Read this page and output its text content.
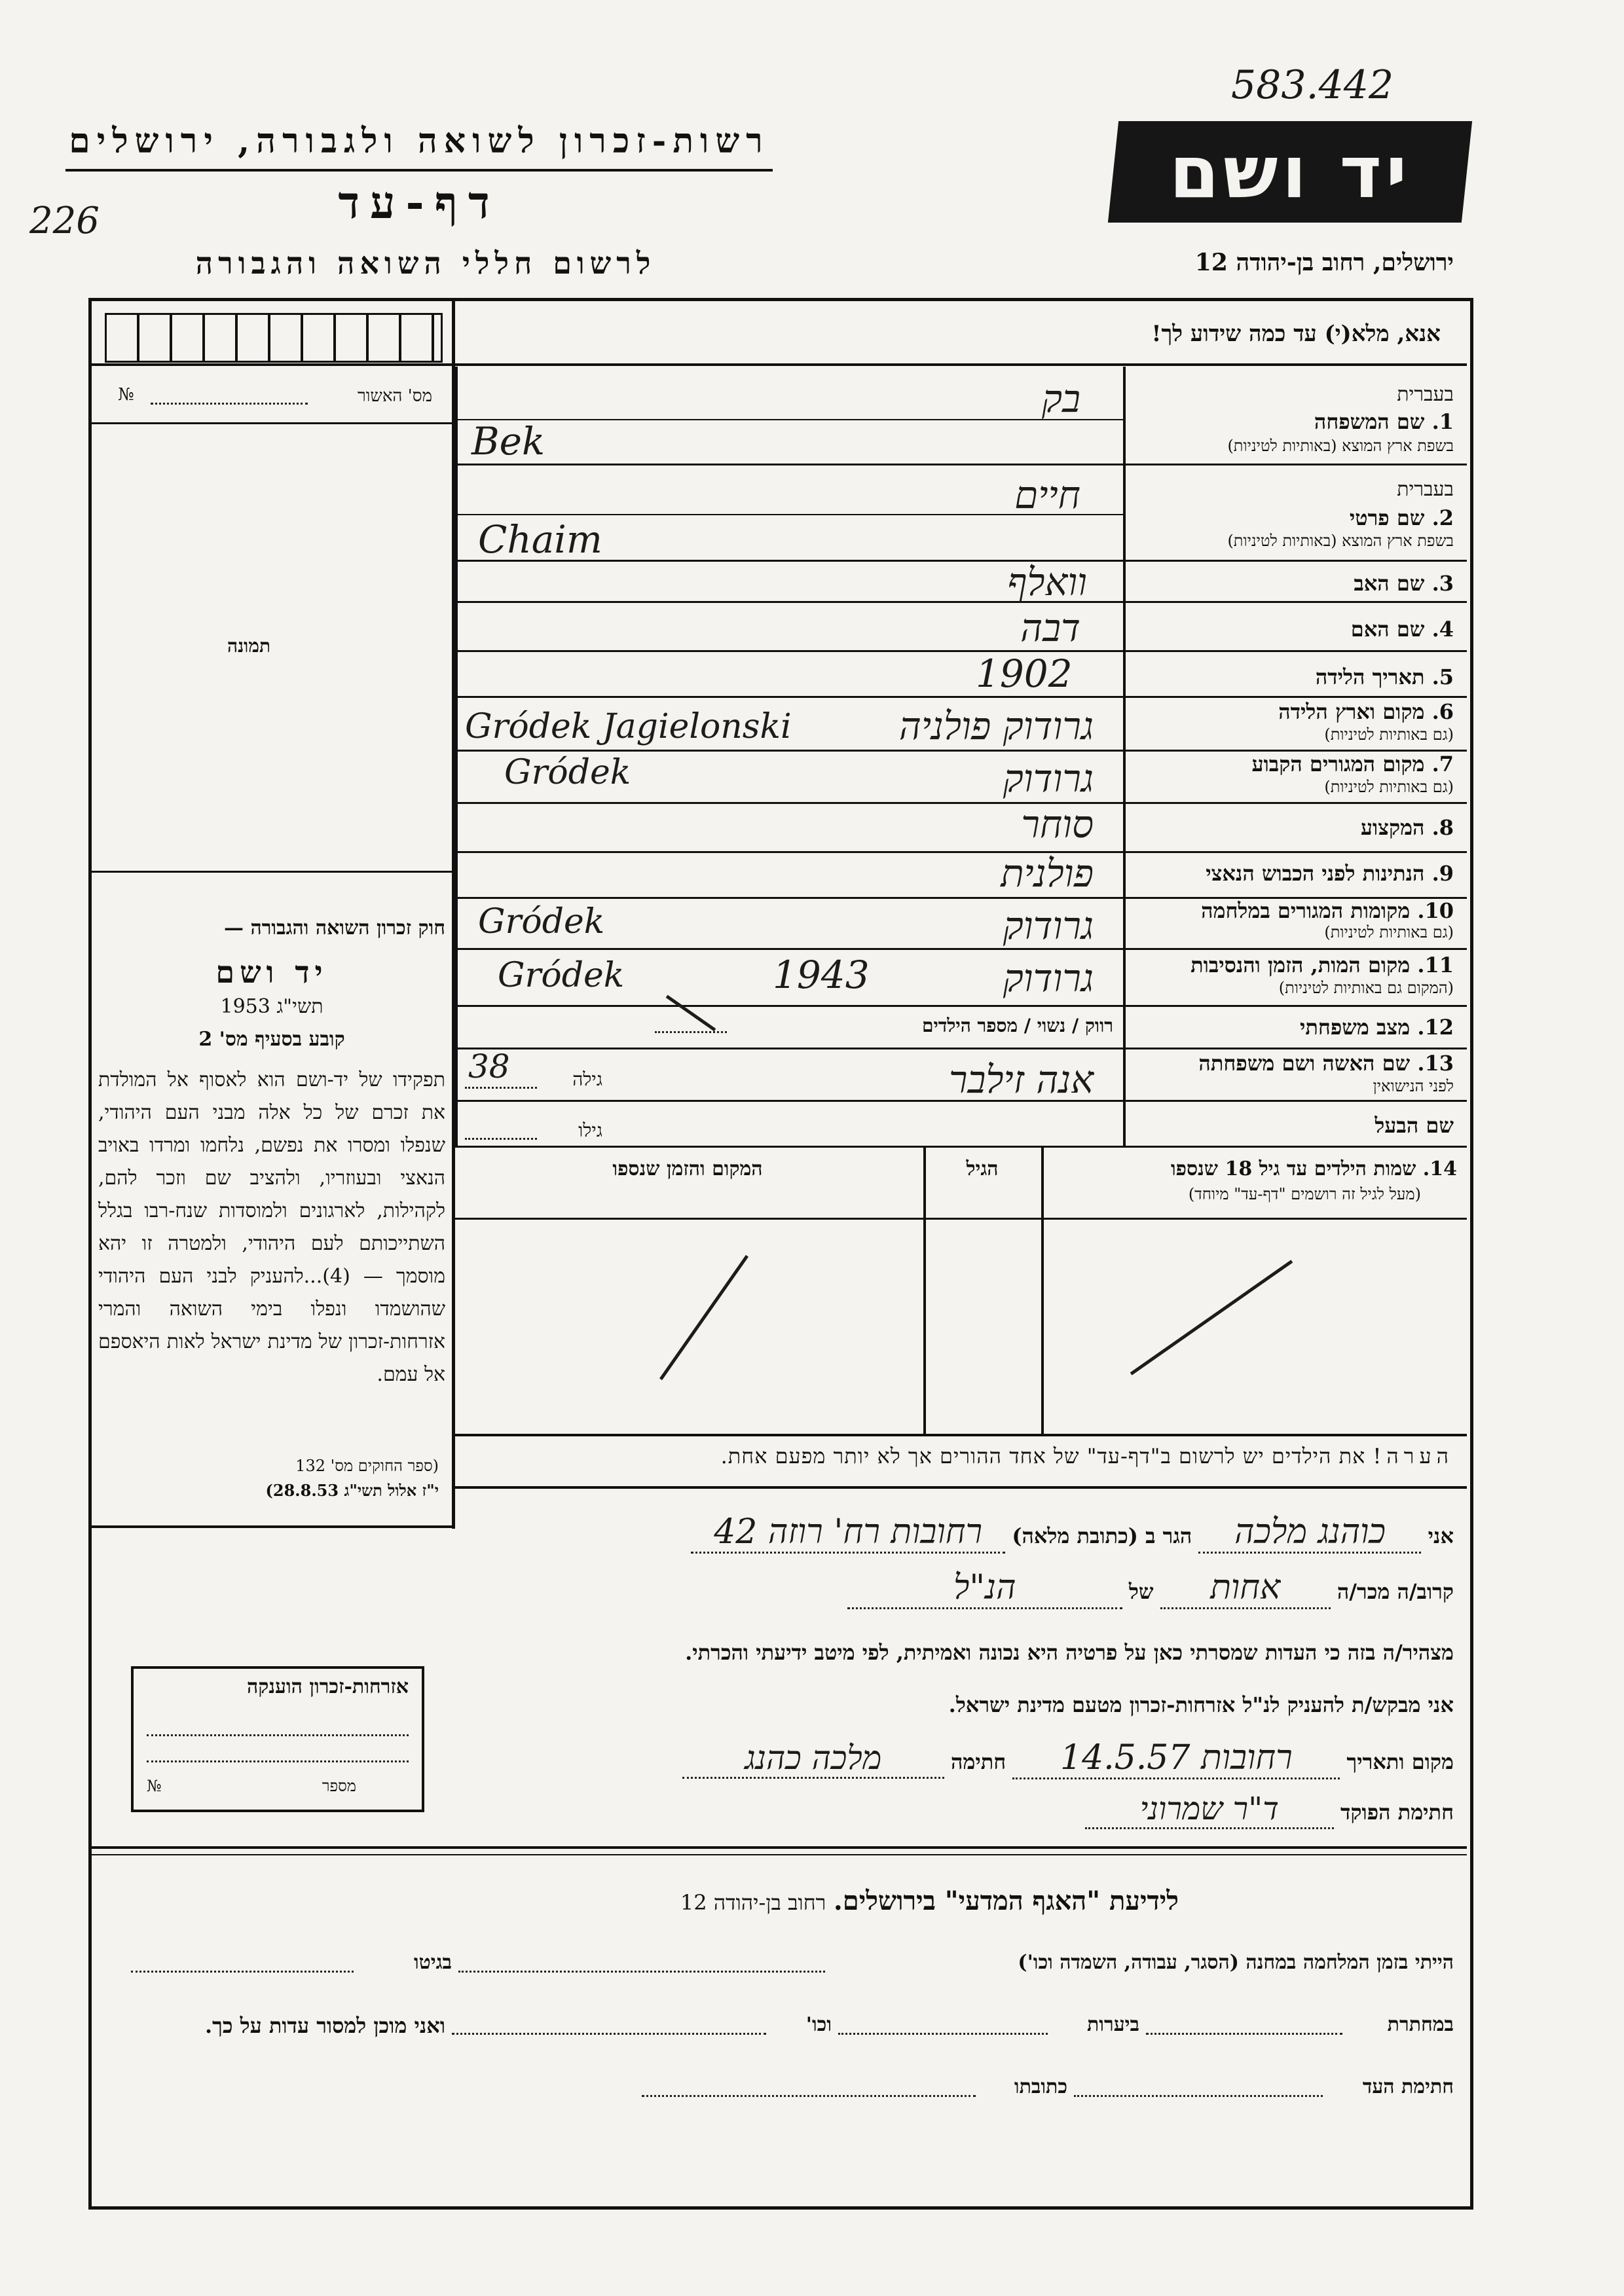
583.442
226
רשות-זכרון לשואה ולגבורה, ירושלים
דף-עד
לרשום חללי השואה והגבורה
יד ושם
ירושלים, רחוב בן-יהודה 12
אנא, מלא(י) עד כמה שידוע לך!
מס' האשור
№
תמונה
חוק זכרון השואה והגבורה —
יד ושם
תשי"ג 1953
קובע בסעיף מס' 2
תפקידו של יד-ושם הוא לאסוף אל המולדת את זכרם של כל אלה מבני העם היהודי, שנפלו ומסרו את נפשם, נלחמו ומרדו באויב הנאצי ובעוזריו, ולהציב שם וזכר להם, לקהילות, לארגונים ולמוסדות שנח-רבו בגלל השתייכותם לעם היהודי, ולמטרה זו יהא מוסמך — (4)...להעניק לבני העם היהודי שהושמדו ונפלו בימי השואה והמרי אזרחות-זכרון של מדינת ישראל לאות היאספם אל עמם.
(ספר החוקים מס' 132
י"ז אלול תשי"ג 28.8.53)
אזרחות-זכרון הוענקה
מספר
№
בעברית
1. שם המשפחה
בשפת ארץ המוצא (באותיות לטיניות)
בק
Bek
בעברית
2. שם פרטי
בשפת ארץ המוצא (באותיות לטיניות)
חיים
Chaim
3. שם האב
וואלף
4. שם האם
דבה
5. תאריך הלידה
1902
6. מקום וארץ הלידה
(גם באותיות לטיניות)
גרודוק פולניה
Gródek Jagielonski
7. מקום המגורים הקבוע
(גם באותיות לטיניות)
גרודוק
Gródek
8. המקצוע
סוחר
9. הנתינות לפני הכבוש הנאצי
פולנית
10. מקומות המגורים במלחמה
(גם באותיות לטיניות)
גרודוק
Gródek
11. מקום המות, הזמן והנסיבות
(המקום גם באותיות לטיניות)
גרודוק
1943
Gródek
12. מצב משפחתי
רווק / נשוי / מספר הילדים
13. שם האשה ושם משפחתה
לפני הנישואין
אנה זילבר
גילה
38
שם הבעל
גילו
14. שמות הילדים עד גיל 18 שנספו
(מעל לגיל זה רושמים "דף-עד" מיוחד)
הגיל
המקום והזמן שנספו
הערה! את הילדים יש לרשום ב"דף-עד" של אחד ההורים אך לא יותר מפעם אחת.
אני כוהנג מלכה הגר ב (כתובת מלאה) רחובות רח' רוזה 42
קרוב/ה מכר/ה אחות של הנ"ל
מצהיר/ה בזה כי העדות שמסרתי כאן על פרטיה היא נכונה ואמיתית, לפי מיטב ידיעתי והכרתי.
אני מבקש/ת להעניק לנ"ל אזרחות-זכרון מטעם מדינת ישראל.
מקום ותאריך רחובות 14.5.57 חתימה מלכה כהנג
חתימת הפוקד ד"ר שמרוני
לידיעת "האגף המדעי" בירושלים. רחוב בן-יהודה 12
הייתי בזמן המלחמה במחנה (הסגר, עבודה, השמדה וכו')
בגיטו
במחתרת
ביערות
וכו'
ואני מוכן למסור עדות על כך.
חתימת העד
כתובתו
